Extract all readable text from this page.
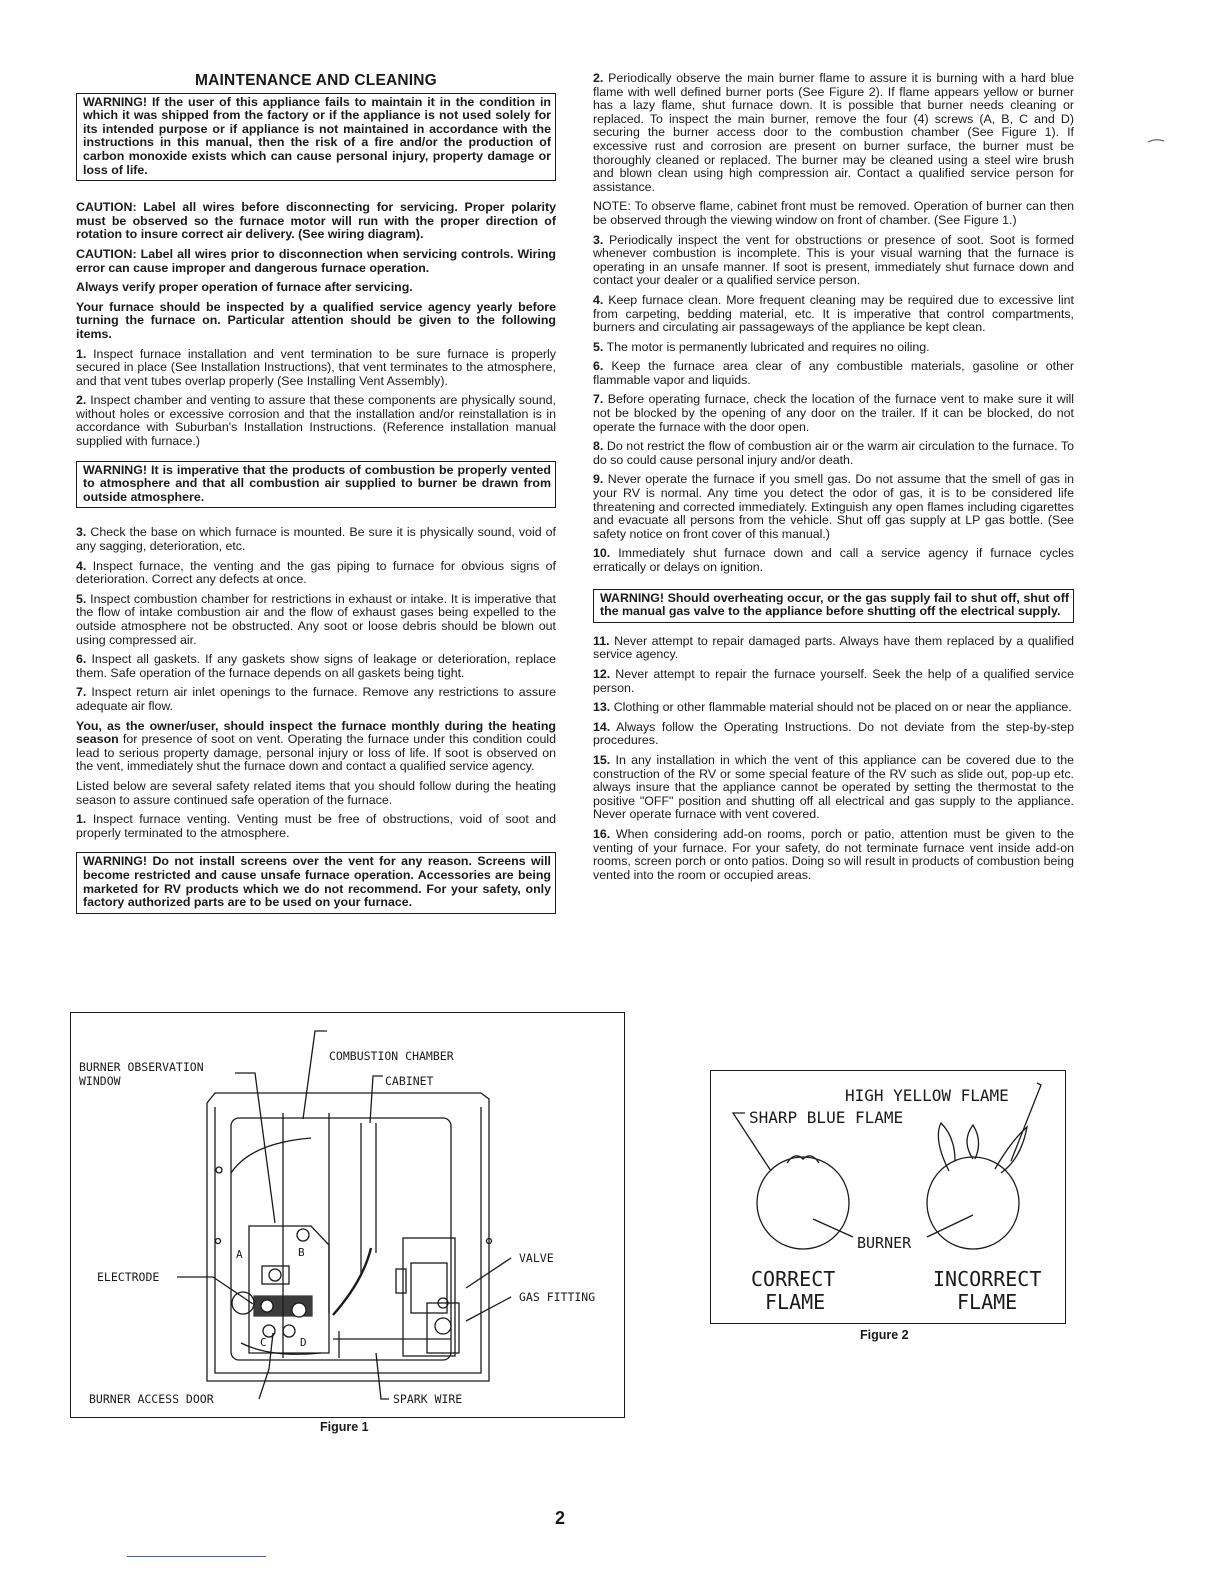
MAINTENANCE AND CLEANING
WARNING! If the user of this appliance fails to maintain it in the condition in which it was shipped from the factory or if the appliance is not used solely for its intended purpose or if appliance is not maintained in accordance with the instructions in this manual, then the risk of a fire and/or the production of carbon monoxide exists which can cause personal injury, property damage or loss of life.

CAUTION: Label all wires before disconnecting for servicing. Proper polarity must be observed so the furnace motor will run with the proper direction of rotation to insure correct air delivery. (See wiring diagram).

CAUTION: Label all wires prior to disconnection when servicing controls. Wiring error can cause improper and dangerous furnace operation.

Always verify proper operation of furnace after servicing.

Your furnace should be inspected by a qualified service agency yearly before turning the furnace on. Particular attention should be given to the following items.

1. Inspect furnace installation and vent termination to be sure furnace is properly secured in place (See Installation Instructions), that vent terminates to the atmosphere, and that vent tubes overlap properly (See Installing Vent Assembly).

2. Inspect chamber and venting to assure that these components are physically sound, without holes or excessive corrosion and that the installation and/or reinstallation is in accordance with Suburban's Installation Instructions. (Reference installation manual supplied with furnace.)

WARNING! It is imperative that the products of combustion be properly vented to atmosphere and that all combustion air supplied to burner be drawn from outside atmosphere.

3. Check the base on which furnace is mounted. Be sure it is physically sound, void of any sagging, deterioration, etc.

4. Inspect furnace, the venting and the gas piping to furnace for obvious signs of deterioration. Correct any defects at once.

5. Inspect combustion chamber for restrictions in exhaust or intake. It is imperative that the flow of intake combustion air and the flow of exhaust gases being expelled to the outside atmosphere not be obstructed. Any soot or loose debris should be blown out using compressed air.

6. Inspect all gaskets. If any gaskets show signs of leakage or deterioration, replace them. Safe operation of the furnace depends on all gaskets being tight.

7. Inspect return air inlet openings to the furnace. Remove any restrictions to assure adequate air flow.

You, as the owner/user, should inspect the furnace monthly during the heating season for presence of soot on vent. Operating the furnace under this condition could lead to serious property damage, personal injury or loss of life. If soot is observed on the vent, immediately shut the furnace down and contact a qualified service agency.

Listed below are several safety related items that you should follow during the heating season to assure continued safe operation of the furnace.

1. Inspect furnace venting. Venting must be free of obstructions, void of soot and properly terminated to the atmosphere.

WARNING! Do not install screens over the vent for any reason. Screens will become restricted and cause unsafe furnace operation. Accessories are being marketed for RV products which we do not recommend. For your safety, only factory authorized parts are to be used on your furnace.

2. Periodically observe the main burner flame to assure it is burning with a hard blue flame with well defined burner ports (See Figure 2). If flame appears yellow or burner has a lazy flame, shut furnace down. It is possible that burner needs cleaning or replaced. To inspect the main burner, remove the four (4) screws (A, B, C and D) securing the burner access door to the combustion chamber (See Figure 1). If excessive rust and corrosion are present on burner surface, the burner must be thoroughly cleaned or replaced. The burner may be cleaned using a steel wire brush and blown clean using high compression air. Contact a qualified service person for assistance.

NOTE: To observe flame, cabinet front must be removed. Operation of burner can then be observed through the viewing window on front of chamber. (See Figure 1.)

3. Periodically inspect the vent for obstructions or presence of soot. Soot is formed whenever combustion is incomplete. This is your visual warning that the furnace is operating in an unsafe manner. If soot is present, immediately shut furnace down and contact your dealer or a qualified service person.

4. Keep furnace clean. More frequent cleaning may be required due to excessive lint from carpeting, bedding material, etc. It is imperative that control compartments, burners and circulating air passageways of the appliance be kept clean.

5. The motor is permanently lubricated and requires no oiling.

6. Keep the furnace area clear of any combustible materials, gasoline or other flammable vapor and liquids.

7. Before operating furnace, check the location of the furnace vent to make sure it will not be blocked by the opening of any door on the trailer. If it can be blocked, do not operate the furnace with the door open.

8. Do not restrict the flow of combustion air or the warm air circulation to the furnace. To do so could cause personal injury and/or death.

9. Never operate the furnace if you smell gas. Do not assume that the smell of gas in your RV is normal. Any time you detect the odor of gas, it is to be considered life threatening and corrected immediately. Extinguish any open flames including cigarettes and evacuate all persons from the vehicle. Shut off gas supply at LP gas bottle. (See safety notice on front cover of this manual.)

10. Immediately shut furnace down and call a service agency if furnace cycles erratically or delays on ignition.

WARNING! Should overheating occur, or the gas supply fail to shut off, shut off the manual gas valve to the appliance before shutting off the electrical supply.

11. Never attempt to repair damaged parts. Always have them replaced by a qualified service agency.

12. Never attempt to repair the furnace yourself. Seek the help of a qualified service person.

13. Clothing or other flammable material should not be placed on or near the appliance.

14. Always follow the Operating Instructions. Do not deviate from the step-by-step procedures.

15. In any installation in which the vent of this appliance can be covered due to the construction of the RV or some special feature of the RV such as slide out, pop-up etc. always insure that the appliance cannot be operated by setting the thermostat to the positive "OFF" position and shutting off all electrical and gas supply to the appliance. Never operate furnace with vent covered.

16. When considering add-on rooms, porch or patio, attention must be given to the venting of your furnace. For your safety, do not terminate furnace vent inside add-on rooms, screen porch or onto patios. Doing so will result in products of combustion being vented into the room or occupied areas.

BURNER OBSERVATION
WINDOW
COMBUSTION CHAMBER
CABINET
ELECTRODE
VALVE
GAS FITTING
BURNER ACCESS DOOR	SPARK WIRE
A	B
C	D
Figure 1
HIGH YELLOW FLAME
SHARP BLUE FLAME
BURNER
CORRECT
FLAME
INCORRECT
FLAME
Figure 2
2
